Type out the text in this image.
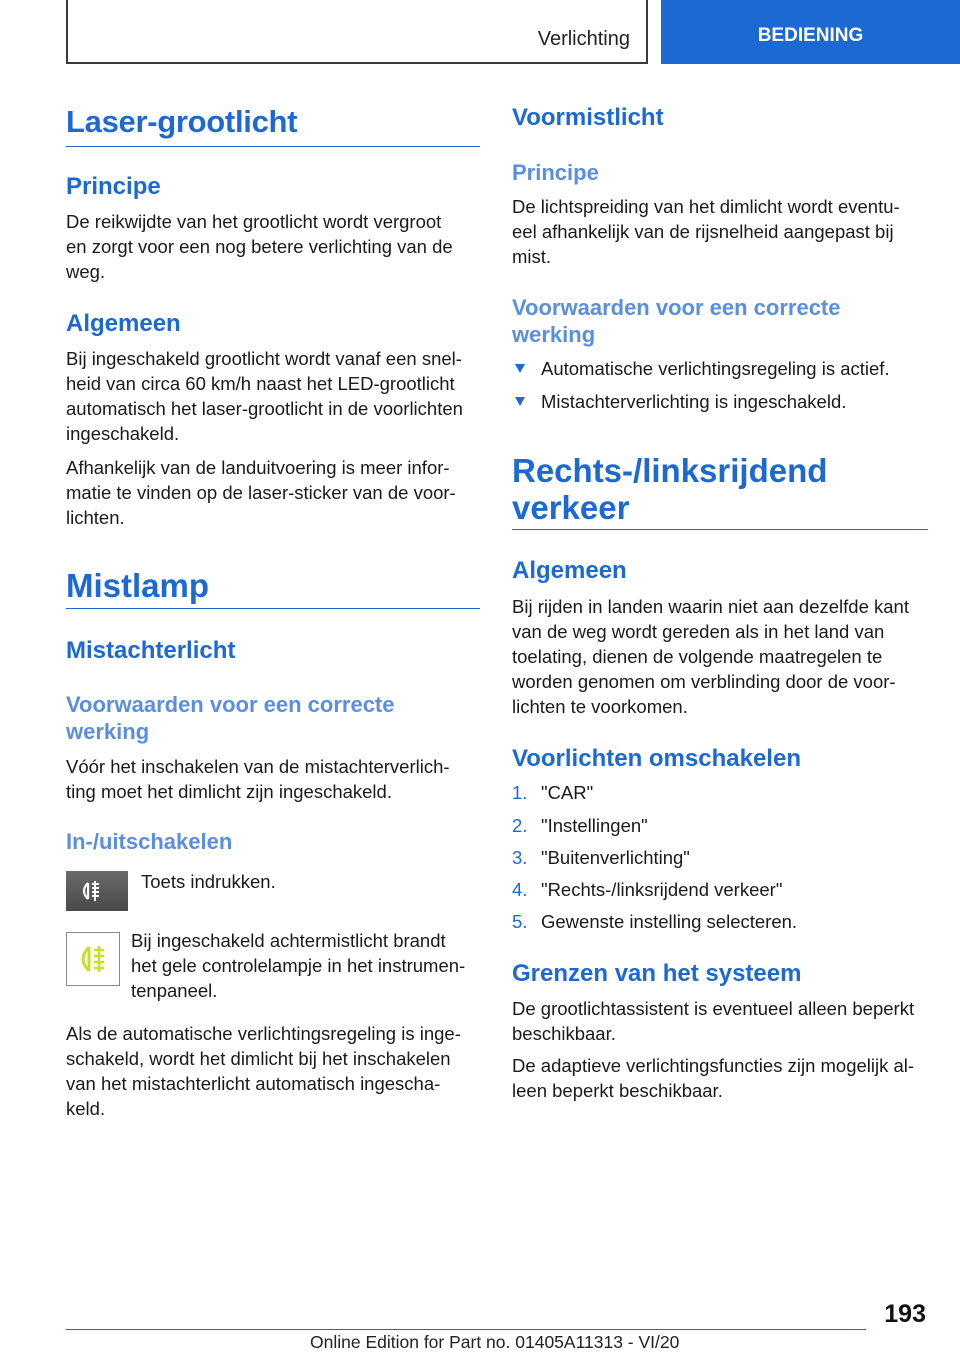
Verlichting	BEDIENING
Laser-grootlicht
Principe
De reikwijdte van het grootlicht wordt vergroot
en zorgt voor een nog betere verlichting van de
weg.
Algemeen
Bij ingeschakeld grootlicht wordt vanaf een snel-
heid van circa 60 km/h naast het LED-grootlicht
automatisch het laser-grootlicht in de voorlichten
ingeschakeld.
Afhankelijk van de landuitvoering is meer infor-
matie te vinden op de laser-sticker van de voor-
lichten.
Mistlamp
Mistachterlicht
Voorwaarden voor een correcte
werking
Vóór het inschakelen van de mistachterverlich-
ting moet het dimlicht zijn ingeschakeld.
In-/uitschakelen
Toets indrukken.
Bij ingeschakeld achtermistlicht brandt
het gele controlelampje in het instrumen-
tenpaneel.
Als de automatische verlichtingsregeling is inge-
schakeld, wordt het dimlicht bij het inschakelen
van het mistachterlicht automatisch ingescha-
keld.
Voormistlicht
Principe
De lichtspreiding van het dimlicht wordt eventu-
eel afhankelijk van de rijsnelheid aangepast bij
mist.
Voorwaarden voor een correcte
werking
Automatische verlichtingsregeling is actief.
Mistachterverlichting is ingeschakeld.
Rechts-/linksrijdend
verkeer
Algemeen
Bij rijden in landen waarin niet aan dezelfde kant
van de weg wordt gereden als in het land van
toelating, dienen de volgende maatregelen te
worden genomen om verblinding door de voor-
lichten te voorkomen.
Voorlichten omschakelen
1. "CAR"
2. "Instellingen"
3. "Buitenverlichting"
4. "Rechts-/linksrijdend verkeer"
5. Gewenste instelling selecteren.
Grenzen van het systeem
De grootlichtassistent is eventueel alleen beperkt
beschikbaar.
De adaptieve verlichtingsfuncties zijn mogelijk al-
leen beperkt beschikbaar.
193
Online Edition for Part no. 01405A11313 - VI/20
